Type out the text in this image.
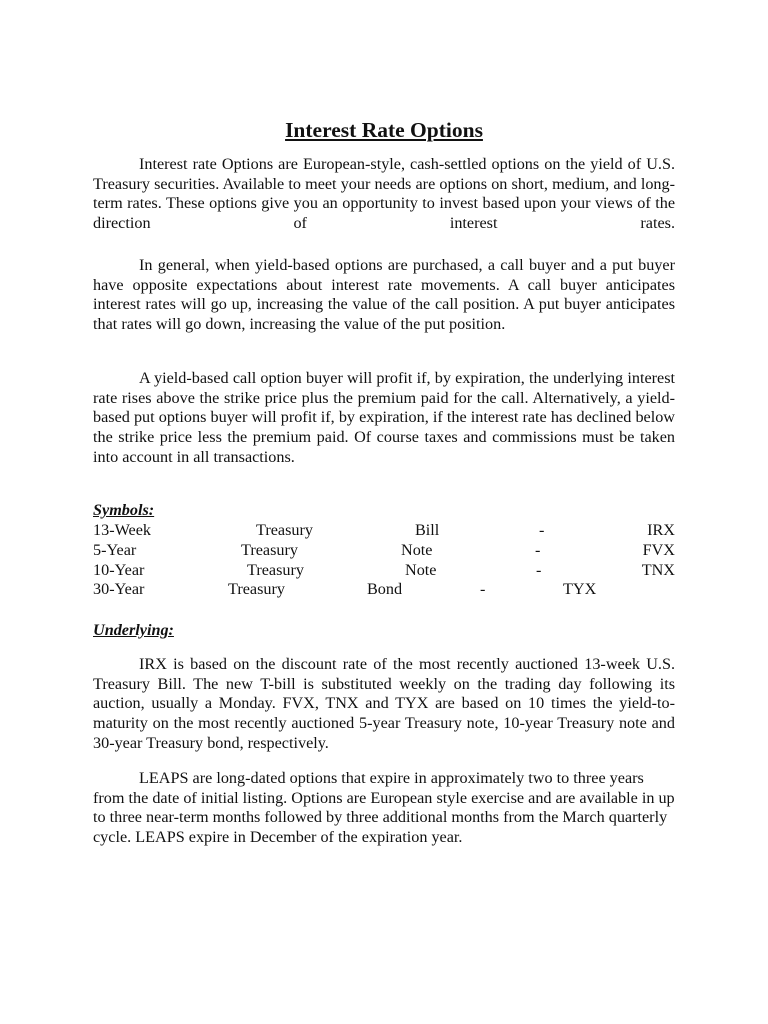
Interest Rate Options

Interest rate Options are European-style, cash-settled options on the yield of U.S. Treasury securities. Available to meet your needs are options on short, medium, and long-term rates. These options give you an opportunity to invest based upon your views of the direction of interest rates.

In general, when yield-based options are purchased, a call buyer and a put buyer have opposite expectations about interest rate movements. A call buyer anticipates interest rates will go up, increasing the value of the call position. A put buyer anticipates that rates will go down, increasing the value of the put position.

A yield-based call option buyer will profit if, by expiration, the underlying interest rate rises above the strike price plus the premium paid for the call. Alternatively, a yield-based put options buyer will profit if, by expiration, if the interest rate has declined below the strike price less the premium paid. Of course taxes and commissions must be taken into account in all transactions.

Symbols:
13-Week	Treasury	Bill	-	IRX
5-Year	Treasury	Note	-	FVX
10-Year	Treasury	Note	-	TNX
30-Year	Treasury	Bond	-	TYX
Underlying:

IRX is based on the discount rate of the most recently auctioned 13-week U.S. Treasury Bill. The new T-bill is substituted weekly on the trading day following its auction, usually a Monday. FVX, TNX and TYX are based on 10 times the yield-to-maturity on the most recently auctioned 5-year Treasury note, 10-year Treasury note and 30-year Treasury bond, respectively.

LEAPS are long-dated options that expire in approximately two to three years from the date of initial listing. Options are European style exercise and are available in up to three near-term months followed by three additional months from the March quarterly cycle. LEAPS expire in December of the expiration year.
